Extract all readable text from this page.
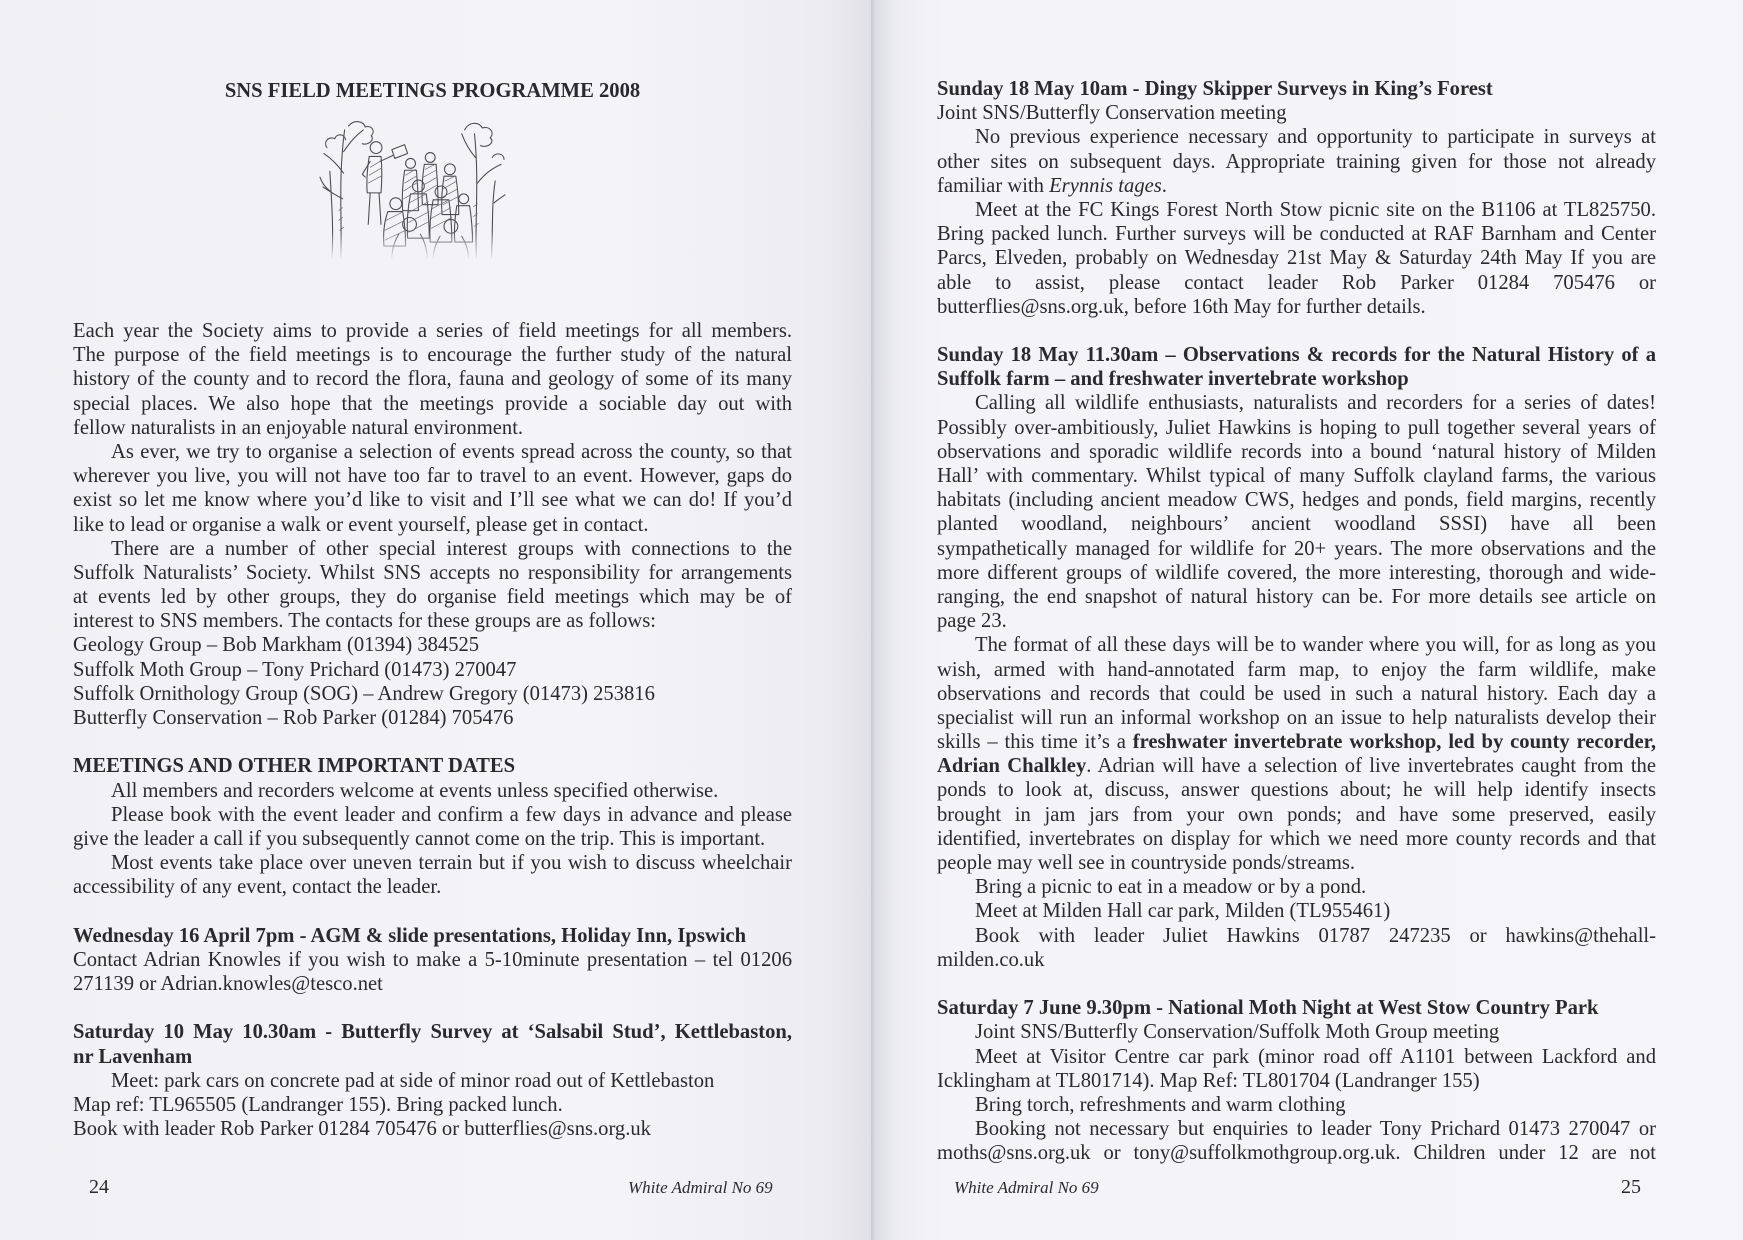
SNS FIELD MEETINGS PROGRAMME 2008
Each year the Society aims to provide a series of field meetings for all members.
The purpose of the field meetings is to encourage the further study of the natural
history of the county and to record the flora, fauna and geology of some of its many
special places. We also hope that the meetings provide a sociable day out with
fellow naturalists in an enjoyable natural environment.
As ever, we try to organise a selection of events spread across the county, so that
wherever you live, you will not have too far to travel to an event. However, gaps do
exist so let me know where you’d like to visit and I’ll see what we can do! If you’d
like to lead or organise a walk or event yourself, please get in contact.
There are a number of other special interest groups with connections to the
Suffolk Naturalists’ Society. Whilst SNS accepts no responsibility for arrangements
at events led by other groups, they do organise field meetings which may be of
interest to SNS members. The contacts for these groups are as follows:
Geology Group – Bob Markham (01394) 384525
Suffolk Moth Group – Tony Prichard (01473) 270047
Suffolk Ornithology Group (SOG) – Andrew Gregory (01473) 253816
Butterfly Conservation – Rob Parker (01284) 705476
MEETINGS AND OTHER IMPORTANT DATES
All members and recorders welcome at events unless specified otherwise.
Please book with the event leader and confirm a few days in advance and please
give the leader a call if you subsequently cannot come on the trip. This is important.
Most events take place over uneven terrain but if you wish to discuss wheelchair
accessibility of any event, contact the leader.
Wednesday 16 April 7pm - AGM & slide presentations, Holiday Inn, Ipswich
Contact Adrian Knowles if you wish to make a 5-10minute presentation – tel 01206
271139 or Adrian.knowles@tesco.net
Saturday 10 May 10.30am - Butterfly Survey at ‘Salsabil Stud’, Kettlebaston,
nr Lavenham
Meet: park cars on concrete pad at side of minor road out of Kettlebaston
Map ref: TL965505 (Landranger 155). Bring packed lunch.
Book with leader Rob Parker 01284 705476 or butterflies@sns.org.uk
24	White Admiral No 69
Sunday 18 May 10am - Dingy Skipper Surveys in King’s Forest
Joint SNS/Butterfly Conservation meeting
No previous experience necessary and opportunity to participate in surveys at
other sites on subsequent days. Appropriate training given for those not already
familiar with Erynnis tages.
Meet at the FC Kings Forest North Stow picnic site on the B1106 at TL825750.
Bring packed lunch. Further surveys will be conducted at RAF Barnham and Center
Parcs, Elveden, probably on Wednesday 21st May & Saturday 24th May If you are
able to assist, please contact leader Rob Parker 01284 705476 or
butterflies@sns.org.uk, before 16th May for further details.
Sunday 18 May 11.30am – Observations & records for the Natural History of a
Suffolk farm – and freshwater invertebrate workshop
Calling all wildlife enthusiasts, naturalists and recorders for a series of dates!
Possibly over-ambitiously, Juliet Hawkins is hoping to pull together several years of
observations and sporadic wildlife records into a bound ‘natural history of Milden
Hall’ with commentary. Whilst typical of many Suffolk clayland farms, the various
habitats (including ancient meadow CWS, hedges and ponds, field margins, recently
planted woodland, neighbours’ ancient woodland SSSI) have all been
sympathetically managed for wildlife for 20+ years. The more observations and the
more different groups of wildlife covered, the more interesting, thorough and wide-
ranging, the end snapshot of natural history can be. For more details see article on
page 23.
The format of all these days will be to wander where you will, for as long as you
wish, armed with hand-annotated farm map, to enjoy the farm wildlife, make
observations and records that could be used in such a natural history. Each day a
specialist will run an informal workshop on an issue to help naturalists develop their
skills – this time it’s a freshwater invertebrate workshop, led by county recorder,
Adrian Chalkley. Adrian will have a selection of live invertebrates caught from the
ponds to look at, discuss, answer questions about; he will help identify insects
brought in jam jars from your own ponds; and have some preserved, easily
identified, invertebrates on display for which we need more county records and that
people may well see in countryside ponds/streams.
Bring a picnic to eat in a meadow or by a pond.
Meet at Milden Hall car park, Milden (TL955461)
Book with leader Juliet Hawkins 01787 247235 or hawkins@thehall-
milden.co.uk
Saturday 7 June 9.30pm - National Moth Night at West Stow Country Park
Joint SNS/Butterfly Conservation/Suffolk Moth Group meeting
Meet at Visitor Centre car park (minor road off A1101 between Lackford and
Icklingham at TL801714). Map Ref: TL801704 (Landranger 155)
Bring torch, refreshments and warm clothing
Booking not necessary but enquiries to leader Tony Prichard 01473 270047 or
moths@sns.org.uk or tony@suffolkmothgroup.org.uk. Children under 12 are not
White Admiral No 69	25
